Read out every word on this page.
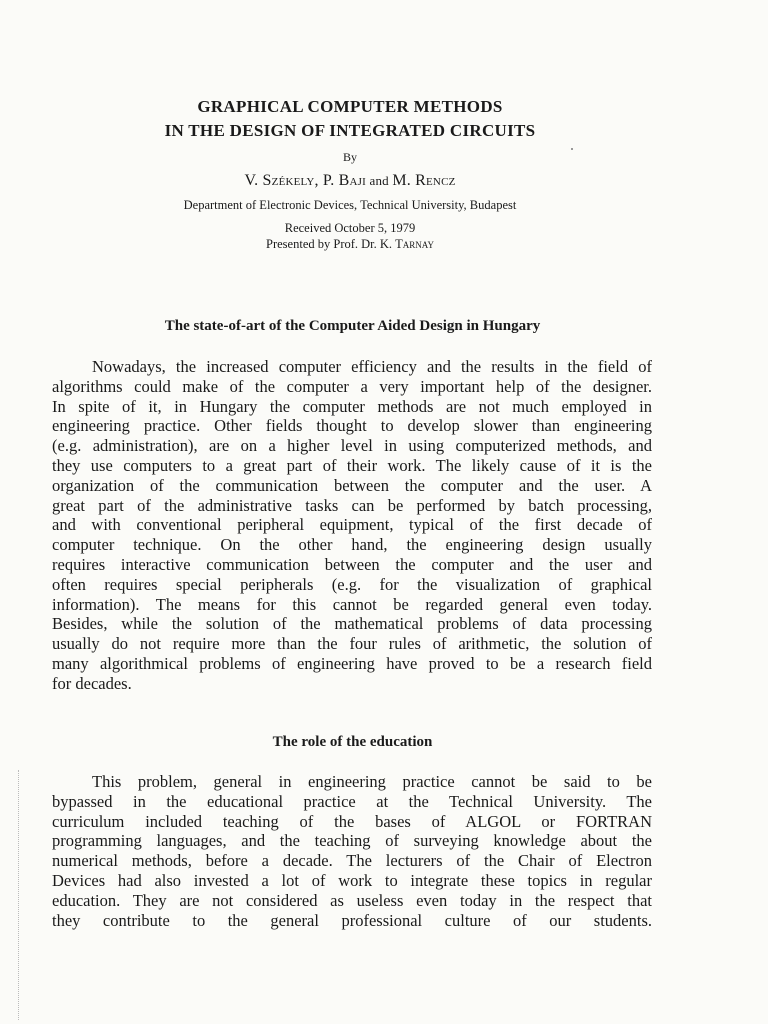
GRAPHICAL COMPUTER METHODS
IN THE DESIGN OF INTEGRATED CIRCUITS
By
V. Székely, P. Baji and M. Rencz
Department of Electronic Devices, Technical University, Budapest
Received October 5, 1979
Presented by Prof. Dr. K. Tarnay
The state-of-art of the Computer Aided Design in Hungary
Nowadays, the increased computer efficiency and the results in the field of
algorithms could make of the computer a very important help of the designer.
In spite of it, in Hungary the computer methods are not much employed in
engineering practice. Other fields thought to develop slower than engineering
(e.g. administration), are on a higher level in using computerized methods, and
they use computers to a great part of their work. The likely cause of it is the
organization of the communication between the computer and the user. A
great part of the administrative tasks can be performed by batch processing,
and with conventional peripheral equipment, typical of the first decade of
computer technique. On the other hand, the engineering design usually
requires interactive communication between the computer and the user and
often requires special peripherals (e.g. for the visualization of graphical
information). The means for this cannot be regarded general even today.
Besides, while the solution of the mathematical problems of data processing
usually do not require more than the four rules of arithmetic, the solution of
many algorithmical problems of engineering have proved to be a research field
for decades.
The role of the education
This problem, general in engineering practice cannot be said to be
bypassed in the educational practice at the Technical University. The
curriculum included teaching of the bases of ALGOL or FORTRAN
programming languages, and the teaching of surveying knowledge about the
numerical methods, before a decade. The lecturers of the Chair of Electron
Devices had also invested a lot of work to integrate these topics in regular
education. They are not considered as useless even today in the respect that
they contribute to the general professional culture of our students.
